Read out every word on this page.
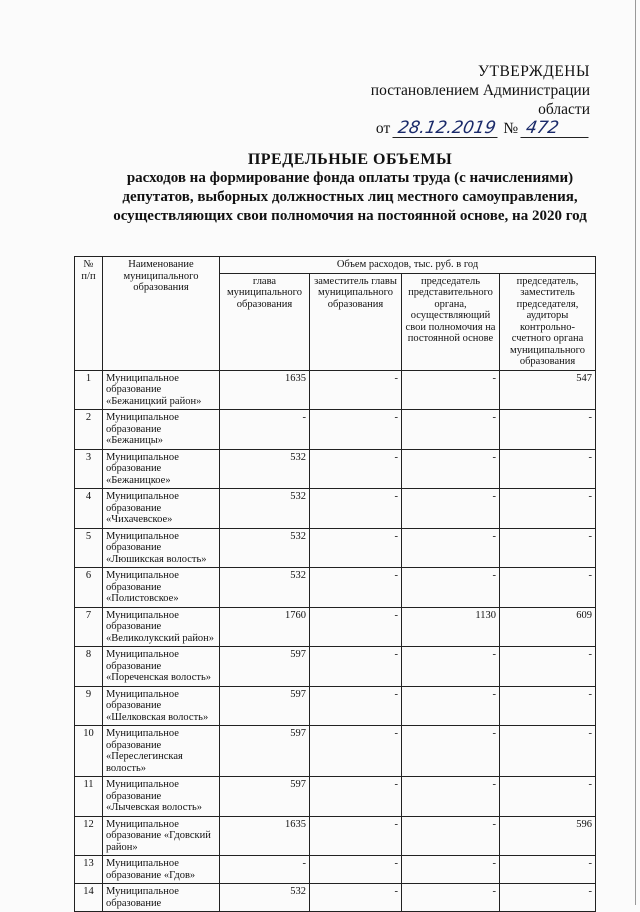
УТВЕРЖДЕНЫ
постановлением Администрации области
от 28.12.2019 № 472
ПРЕДЕЛЬНЫЕ ОБЪЕМЫ
расходов на формирование фонда оплаты труда (с начислениями)
депутатов, выборных должностных лиц местного самоуправления,
осуществляющих свои полномочия на постоянной основе, на 2020 год
№ п/п	Наименование муниципального образования	Объем расходов, тыс. руб. в год			
		глава муниципального образования	заместитель главы муниципального образования	председатель представительного органа, осуществляющий свои полномочия на постоянной основе	председатель, заместитель председателя, аудиторы контрольно-счетного органа муниципального образования
1	Муниципальное образование «Бежаницкий район»	1635	-	-	547
2	Муниципальное образование «Бежаницы»	-	-	-	-
3	Муниципальное образование «Бежаницкое»	532	-	-	-
4	Муниципальное образование «Чихачевское»	532	-	-	-
5	Муниципальное образование «Люшикская волость»	532	-	-	-
6	Муниципальное образование «Полистовское»	532	-	-	-
7	Муниципальное образование «Великолукский район»	1760	-	1130	609
8	Муниципальное образование «Пореченская волость»	597	-	-	-
9	Муниципальное образование «Шелковская волость»	597	-	-	-
10	Муниципальное образование «Переслегинская волость»	597	-	-	-
11	Муниципальное образование «Лычевская волость»	597	-	-	-
12	Муниципальное образование «Гдовский район»	1635	-	-	596
13	Муниципальное образование «Гдов»	-	-	-	-
14	Муниципальное образование	532	-	-	-
